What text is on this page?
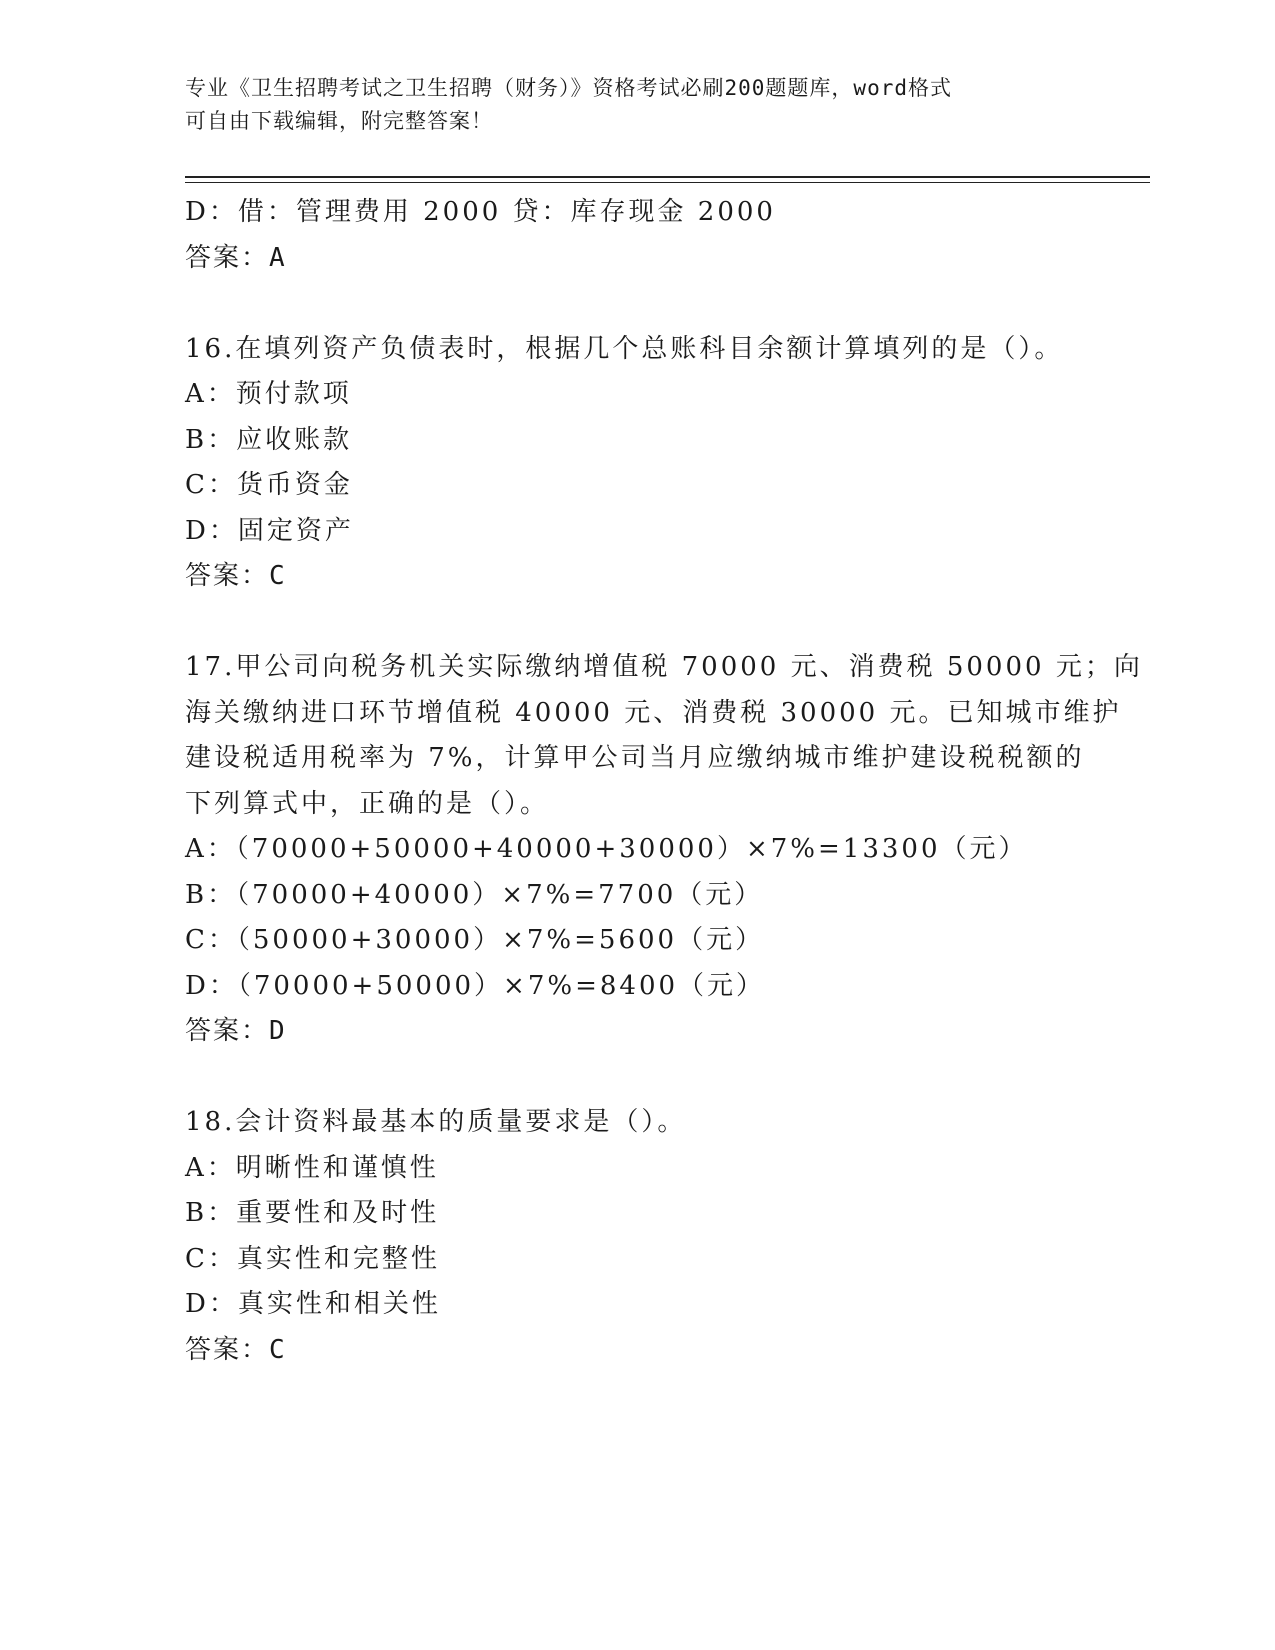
专业《卫生招聘考试之卫生招聘（财务）》资格考试必刷200题题库，word格式
可自由下载编辑，附完整答案！
D：借：管理费用 2000 贷：库存现金 2000
答案：A
16.在填列资产负债表时，根据几个总账科目余额计算填列的是（）。
A：预付款项
B：应收账款
C：货币资金
D：固定资产
答案：C
17.甲公司向税务机关实际缴纳增值税 70000 元、消费税 50000 元；向
海关缴纳进口环节增值税 40000 元、消费税 30000 元。已知城市维护
建设税适用税率为 7%，计算甲公司当月应缴纳城市维护建设税税额的
下列算式中，正确的是（）。
A：（70000+50000+40000+30000）×7%=13300（元）
B：（70000+40000）×7%=7700（元）
C：（50000+30000）×7%=5600（元）
D：（70000+50000）×7%=8400（元）
答案：D
18.会计资料最基本的质量要求是（）。
A：明晰性和谨慎性
B：重要性和及时性
C：真实性和完整性
D：真实性和相关性
答案：C
